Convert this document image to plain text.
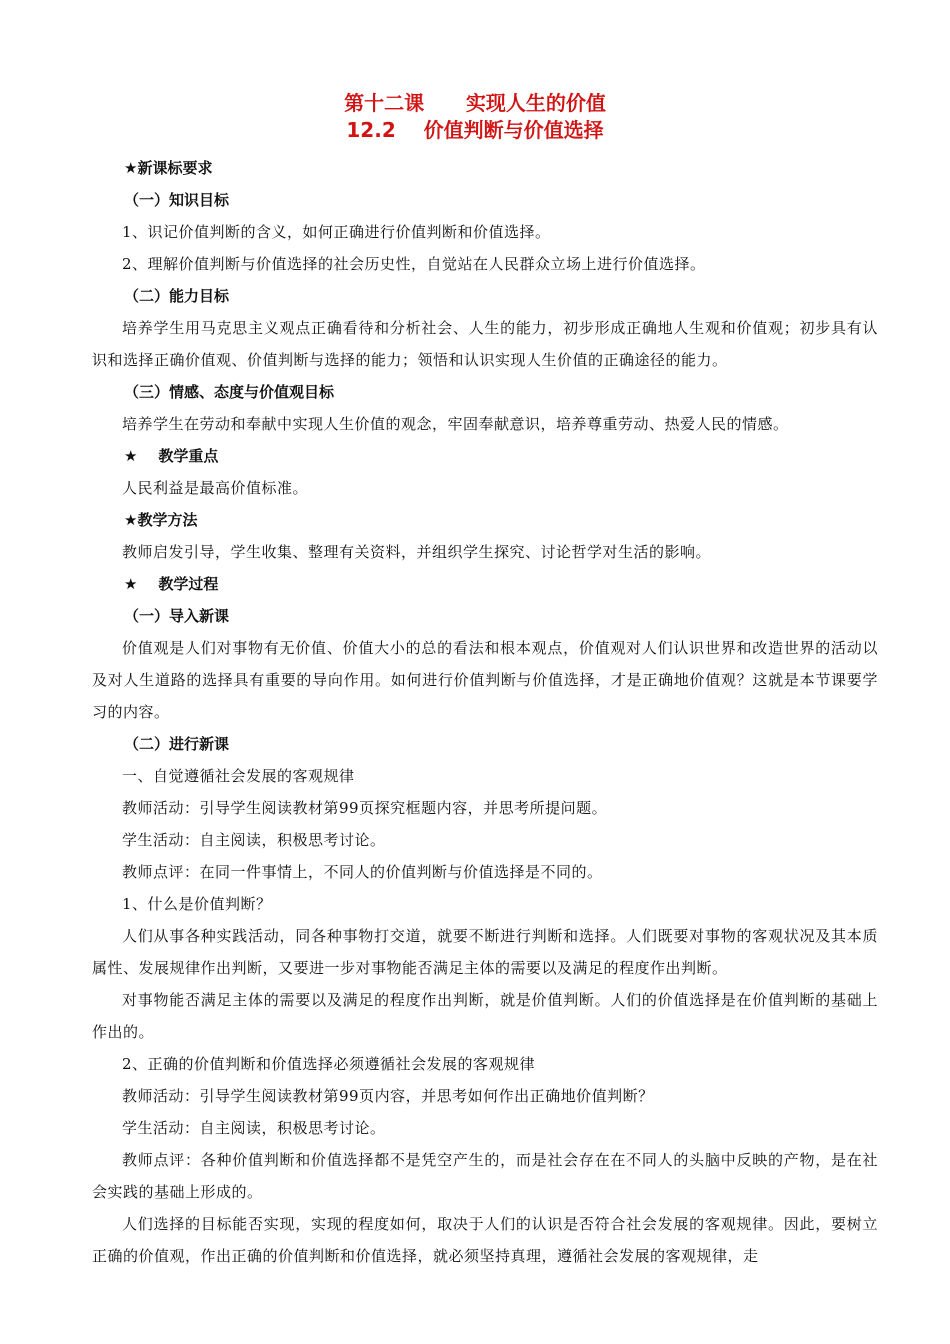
第十二课      实现人生的价值
12.2    价值判断与价值选择
★新课标要求
（一）知识目标
1、识记价值判断的含义，如何正确进行价值判断和价值选择。
2、理解价值判断与价值选择的社会历史性，自觉站在人民群众立场上进行价值选择。
（二）能力目标
培养学生用马克思主义观点正确看待和分析社会、人生的能力，初步形成正确地人生观和价值观；初步具有认识和选择正确价值观、价值判断与选择的能力；领悟和认识实现人生价值的正确途径的能力。
（三）情感、态度与价值观目标
培养学生在劳动和奉献中实现人生价值的观念，牢固奉献意识，培养尊重劳动、热爱人民的情感。
★    教学重点
人民利益是最高价值标准。
★教学方法
教师启发引导，学生收集、整理有关资料，并组织学生探究、讨论哲学对生活的影响。
★    教学过程
（一）导入新课
价值观是人们对事物有无价值、价值大小的总的看法和根本观点，价值观对人们认识世界和改造世界的活动以及对人生道路的选择具有重要的导向作用。如何进行价值判断与价值选择，才是正确地价值观？这就是本节课要学习的内容。
（二）进行新课
一、自觉遵循社会发展的客观规律
教师活动：引导学生阅读教材第99页探究框题内容，并思考所提问题。
学生活动：自主阅读，积极思考讨论。
教师点评：在同一件事情上，不同人的价值判断与价值选择是不同的。
1、什么是价值判断？
人们从事各种实践活动，同各种事物打交道，就要不断进行判断和选择。人们既要对事物的客观状况及其本质属性、发展规律作出判断，又要进一步对事物能否满足主体的需要以及满足的程度作出判断。
对事物能否满足主体的需要以及满足的程度作出判断，就是价值判断。人们的价值选择是在价值判断的基础上作出的。
2、正确的价值判断和价值选择必须遵循社会发展的客观规律
教师活动：引导学生阅读教材第99页内容，并思考如何作出正确地价值判断？
学生活动：自主阅读，积极思考讨论。
教师点评：各种价值判断和价值选择都不是凭空产生的，而是社会存在在不同人的头脑中反映的产物，是在社会实践的基础上形成的。
人们选择的目标能否实现，实现的程度如何，取决于人们的认识是否符合社会发展的客观规律。因此，要树立正确的价值观，作出正确的价值判断和价值选择，就必须坚持真理，遵循社会发展的客观规律，走
